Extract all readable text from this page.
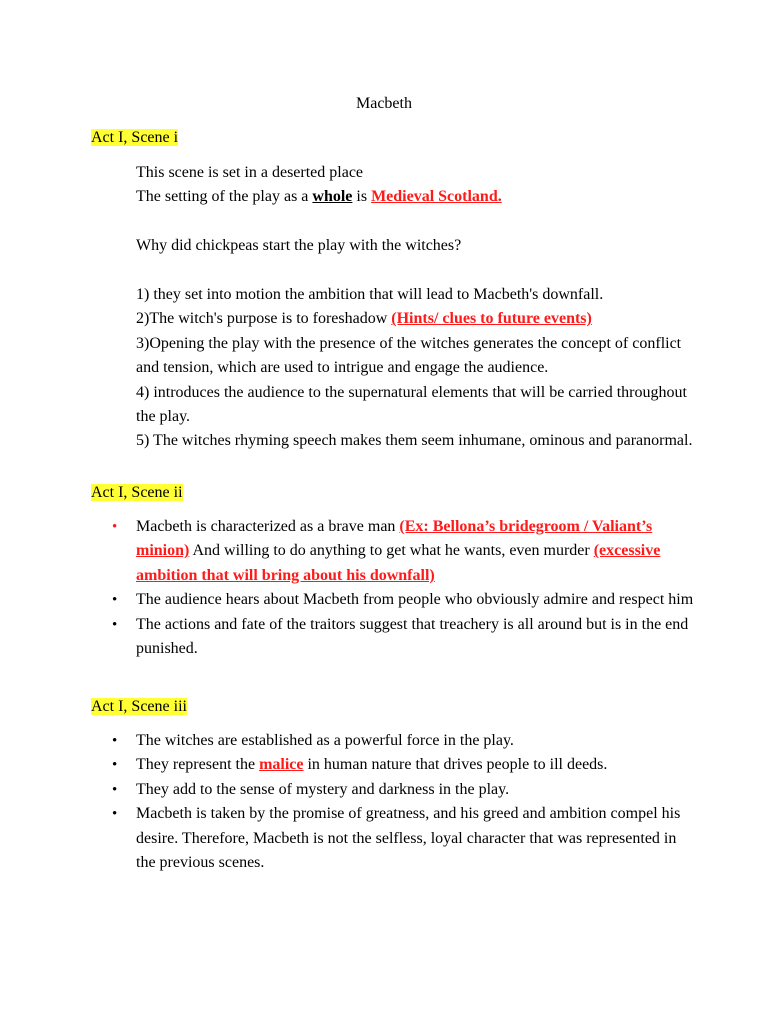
Macbeth
Act I, Scene i
This scene is set in a deserted place
The setting of the play as a whole is Medieval Scotland.
Why did chickpeas start the play with the witches?
1) they set into motion the ambition that will lead to Macbeth's downfall.
2)The witch's purpose is to foreshadow (Hints/ clues to future events)
3)Opening the play with the presence of the witches generates the concept of conflict and tension, which are used to intrigue and engage the audience.
4) introduces the audience to the supernatural elements that will be carried throughout the play.
5) The witches rhyming speech makes them seem inhumane, ominous and paranormal.
Act I, Scene ii
•	Macbeth is characterized as a brave man (Ex: Bellona’s bridegroom / Valiant’s minion) And willing to do anything to get what he wants, even murder (excessive ambition that will bring about his downfall)
•	The audience hears about Macbeth from people who obviously admire and respect him
•	The actions and fate of the traitors suggest that treachery is all around but is in the end punished.
Act I, Scene iii
•	The witches are established as a powerful force in the play.
•	They represent the malice in human nature that drives people to ill deeds.
•	They add to the sense of mystery and darkness in the play.
•	Macbeth is taken by the promise of greatness, and his greed and ambition compel his desire. Therefore, Macbeth is not the selfless, loyal character that was represented in the previous scenes.
